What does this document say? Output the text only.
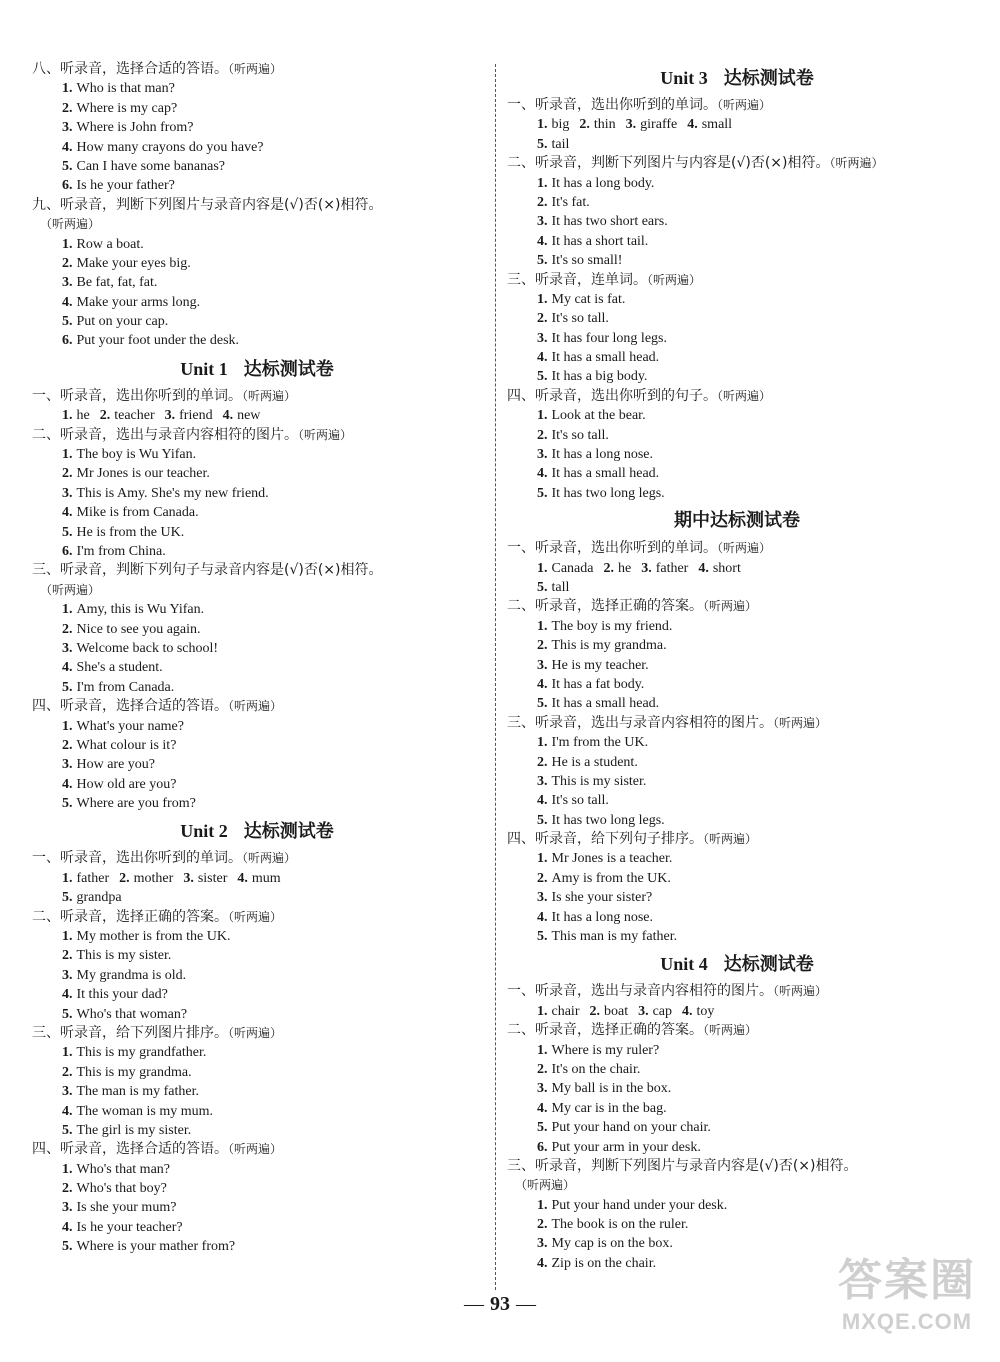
八、听录音，选择合适的答语。（听两遍）
1. Who is that man?
2. Where is my cap?
3. Where is John from?
4. How many crayons do you have?
5. Can I have some bananas?
6. Is he your father?
九、听录音，判断下列图片与录音内容是(√)否(×)相符。
（听两遍）
1. Row a boat.
2. Make your eyes big.
3. Be fat, fat, fat.
4. Make your arms long.
5. Put on your cap.
6. Put your foot under the desk.
Unit 1 达标测试卷
一、听录音，选出你听到的单词。（听两遍）
1. he 2. teacher 3. friend 4. new
二、听录音，选出与录音内容相符的图片。（听两遍）
1. The boy is Wu Yifan.
2. Mr Jones is our teacher.
3. This is Amy. She's my new friend.
4. Mike is from Canada.
5. He is from the UK.
6. I'm from China.
三、听录音，判断下列句子与录音内容是(√)否(×)相符。
（听两遍）
1. Amy, this is Wu Yifan.
2. Nice to see you again.
3. Welcome back to school!
4. She's a student.
5. I'm from Canada.
四、听录音，选择合适的答语。（听两遍）
1. What's your name?
2. What colour is it?
3. How are you?
4. How old are you?
5. Where are you from?
Unit 2 达标测试卷
一、听录音，选出你听到的单词。（听两遍）
1. father 2. mother 3. sister 4. mum
5. grandpa
二、听录音，选择正确的答案。（听两遍）
1. My mother is from the UK.
2. This is my sister.
3. My grandma is old.
4. It this your dad?
5. Who's that woman?
三、听录音，给下列图片排序。（听两遍）
1. This is my grandfather.
2. This is my grandma.
3. The man is my father.
4. The woman is my mum.
5. The girl is my sister.
四、听录音，选择合适的答语。（听两遍）
1. Who's that man?
2. Who's that boy?
3. Is she your mum?
4. Is he your teacher?
5. Where is your mather from?
Unit 3 达标测试卷
一、听录音，选出你听到的单词。（听两遍）
1. big 2. thin 3. giraffe 4. small
5. tail
二、听录音，判断下列图片与内容是(√)否(×)相符。（听两遍）
1. It has a long body.
2. It's fat.
3. It has two short ears.
4. It has a short tail.
5. It's so small!
三、听录音，连单词。（听两遍）
1. My cat is fat.
2. It's so tall.
3. It has four long legs.
4. It has a small head.
5. It has a big body.
四、听录音，选出你听到的句子。（听两遍）
1. Look at the bear.
2. It's so tall.
3. It has a long nose.
4. It has a small head.
5. It has two long legs.
期中达标测试卷
一、听录音，选出你听到的单词。（听两遍）
1. Canada 2. he 3. father 4. short
5. tall
二、听录音，选择正确的答案。（听两遍）
1. The boy is my friend.
2. This is my grandma.
3. He is my teacher.
4. It has a fat body.
5. It has a small head.
三、听录音，选出与录音内容相符的图片。（听两遍）
1. I'm from the UK.
2. He is a student.
3. This is my sister.
4. It's so tall.
5. It has two long legs.
四、听录音，给下列句子排序。（听两遍）
1. Mr Jones is a teacher.
2. Amy is from the UK.
3. Is she your sister?
4. It has a long nose.
5. This man is my father.
Unit 4 达标测试卷
一、听录音，选出与录音内容相符的图片。（听两遍）
1. chair 2. boat 3. cap 4. toy
二、听录音，选择正确的答案。（听两遍）
1. Where is my ruler?
2. It's on the chair.
3. My ball is in the box.
4. My car is in the bag.
5. Put your hand on your chair.
6. Put your arm in your desk.
三、听录音，判断下列图片与录音内容是(√)否(×)相符。
（听两遍）
1. Put your hand under your desk.
2. The book is on the ruler.
3. My cap is on the box.
4. Zip is on the chair.
— 93 —	答案圈
MXQE.COM
